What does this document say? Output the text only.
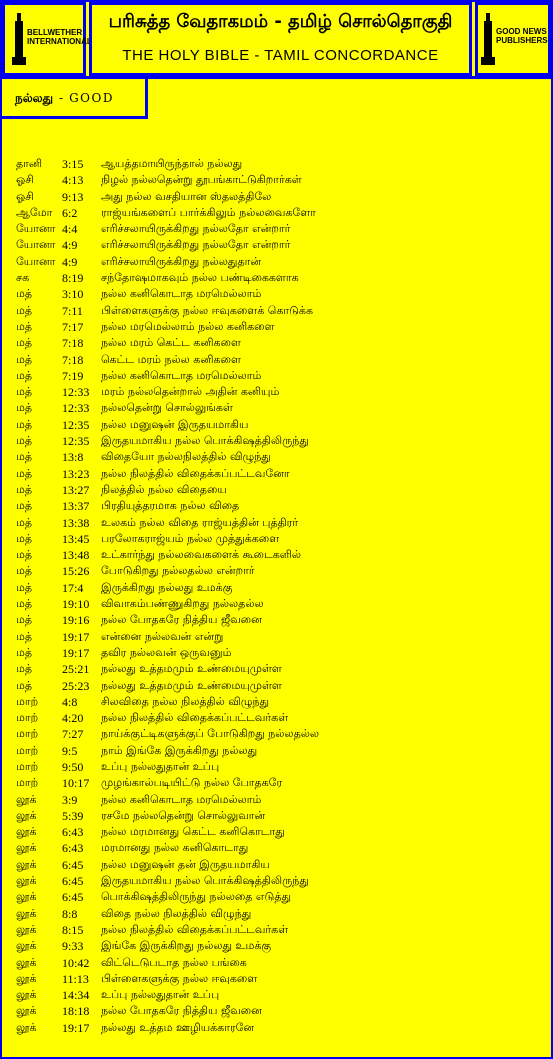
BELLWETHER
INTERNATIONAL
பரிசுத்த வேதாகமம் - தமிழ் சொல்தொகுதி
THE HOLY BIBLE - TAMIL CONCORDANCE
GOOD NEWS
PUBLISHERS
நல்லது - GOOD
தானி 3:15 ஆயத்தமாயிருந்தால் நல்லது
ஓசி 4:13 நிழல் நல்லதென்று தூபங்காட்டுகிறார்கள்
ஓசி 9:13 அது நல்ல வசதியான ஸ்தலத்திலே
ஆமோ 6:2 ராஜ்யங்களைப் பார்க்கிலும் நல்லவைகளோ
யோனா 4:4 எரிச்சலாயிருக்கிறது நல்லதோ என்றார்
யோனா 4:9 எரிச்சலாயிருக்கிறது நல்லதோ என்றார்
யோனா 4:9 எரிச்சலாயிருக்கிறது நல்லதுதான்
சக	8:19 சந்தோஷமாகவும் நல்ல பண்டிகைகளாக
மத் 3:10 நல்ல கனிகொடாத மரமெல்லாம்
மத் 7:11 பிள்ளைகளுக்கு நல்ல ஈவுகளைக் கொடுக்க
மத் 7:17 நல்ல மரமெல்லாம் நல்ல கனிகளை
மத் 7:18 நல்ல மரம் கெட்ட கனிகளை
மத் 7:18 கெட்ட மரம் நல்ல கனிகளை
மத் 7:19 நல்ல கனிகொடாத மரமெல்லாம்
மத் 12:33 மரம் நல்லதென்றால் அதின் கனியும்
மத் 12:33 நல்லதென்று சொல்லுங்கள்
மத் 12:35 நல்ல மனுஷன் இருதயமாகிய
மத் 12:35 இருதயமாகிய நல்ல பொக்கிஷத்திலிருந்து
மத் 13:8 விதையோ நல்லநிலத்தில் விழுந்து
மத் 13:23 நல்ல நிலத்தில் விதைக்கப்பட்டவனோ
மத் 13:27 நிலத்தில் நல்ல விதையை
மத் 13:37 பிரதியுத்தரமாக நல்ல விதை
மத் 13:38 உலகம் நல்ல விதை ராஜ்யத்தின் புத்திரர்
மத் 13:45 பரலோகராஜ்யம் நல்ல முத்துக்களை
மத் 13:48 உட்கார்ந்து நல்லவைகளைக் கூடைகளில்
மத் 15:26 போடுகிறது நல்லதல்ல என்றார்
மத் 17:4 இருக்கிறது நல்லது உமக்கு
மத் 19:10 விவாகம்பண்ணுகிறது நல்லதல்ல
மத் 19:16 நல்ல போதகரே நித்திய ஜீவனை
மத் 19:17 என்னை நல்லவன் என்று
மத் 19:17 தவிர நல்லவன் ஒருவனும்
மத் 25:21 நல்லது உத்தமமும் உண்மையுமுள்ள
மத் 25:23 நல்லது உத்தமமும் உண்மையுமுள்ள
மாற் 4:8 சிலவிதை நல்ல நிலத்தில் விழுந்து
மாற் 4:20 நல்ல நிலத்தில் விதைக்கப்பட்டவர்கள்
மாற் 7:27 நாய்க்குட்டிகளுக்குப் போடுகிறது நல்லதல்ல
மாற் 9:5 நாம் இங்கே இருக்கிறது நல்லது
மாற் 9:50 உப்பு நல்லதுதான் உப்பு
மாற் 10:17 முழங்கால்படியிட்டு நல்ல போதகரே
லூக் 3:9 நல்ல கனிகொடாத மரமெல்லாம்
லூக் 5:39 ரசமே நல்லதென்று சொல்லுவான்
லூக் 6:43 நல்ல மரமானது கெட்ட கனிகொடாது
லூக் 6:43 மரமானது நல்ல கனிகொடாது
லூக் 6:45 நல்ல மனுஷன் தன் இருதயமாகிய
லூக் 6:45 இருதயமாகிய நல்ல பொக்கிஷத்திலிருந்து
லூக் 6:45 பொக்கிஷத்திலிருந்து நல்லதை எடுத்து
லூக் 8:8 விதை நல்ல நிலத்தில் விழுந்து
லூக் 8:15 நல்ல நிலத்தில் விதைக்கப்பட்டவர்கள்
லூக் 9:33 இங்கே இருக்கிறது நல்லது உமக்கு
லூக் 10:42 விட்டெடுபடாத நல்ல பங்கை
லூக் 11:13 பிள்ளைகளுக்கு நல்ல ஈவுகளை
லூக் 14:34 உப்பு நல்லதுதான் உப்பு
லூக் 18:18 நல்ல போதகரே நித்திய ஜீவனை
லூக் 19:17 நல்லது உத்தம ஊழியக்காரனே
